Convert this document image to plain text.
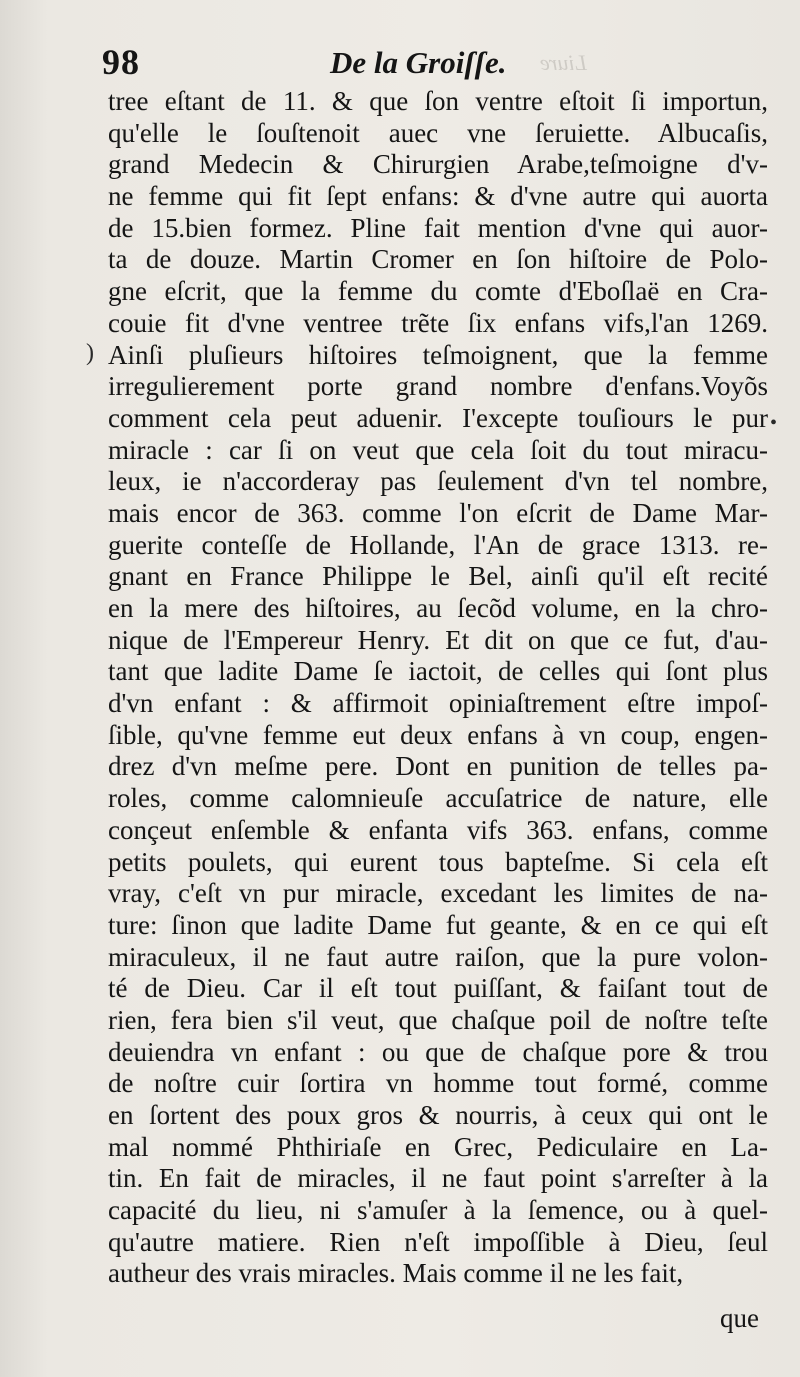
98	De la Groiſſe. Liure
tree eſtant de 11. & que ſon ventre eſtoit ſi importun,
qu'elle le ſouſtenoit auec vne ſeruiette. Albucaſis,
grand Medecin & Chirurgien Arabe,teſmoigne d'v-
ne femme qui fit ſept enfans: & d'vne autre qui auorta
de 15.bien formez. Pline fait mention d'vne qui auor-
ta de douze. Martin Cromer en ſon hiſtoire de Polo-
gne eſcrit, que la femme du comte d'Eboſlaë en Cra-
couie fit d'vne ventree trẽte ſix enfans vifs,l'an 1269.
Ainſi pluſieurs hiſtoires teſmoignent, que la femme
irregulierement porte grand nombre d'enfans.Voyõs
comment cela peut aduenir. I'excepte touſiours le pur
miracle : car ſi on veut que cela ſoit du tout miracu-
leux, ie n'accorderay pas ſeulement d'vn tel nombre,
mais encor de 363. comme l'on eſcrit de Dame Mar-
guerite conteſſe de Hollande, l'An de grace 1313. re-
gnant en France Philippe le Bel, ainſi qu'il eſt recité
en la mere des hiſtoires, au ſecõd volume, en la chro-
nique de l'Empereur Henry. Et dit on que ce fut, d'au-
tant que ladite Dame ſe iactoit, de celles qui ſont plus
d'vn enfant : & affirmoit opiniaſtrement eſtre impoſ-
ſible, qu'vne femme eut deux enfans à vn coup, engen-
drez d'vn meſme pere. Dont en punition de telles pa-
roles, comme calomnieuſe accuſatrice de nature, elle
conçeut enſemble & enfanta vifs 363. enfans, comme
petits poulets, qui eurent tous bapteſme. Si cela eſt
vray, c'eſt vn pur miracle, excedant les limites de na-
ture: ſinon que ladite Dame fut geante, & en ce qui eſt
miraculeux, il ne faut autre raiſon, que la pure volon-
té de Dieu. Car il eſt tout puiſſant, & faiſant tout de
rien, fera bien s'il veut, que chaſque poil de noſtre teſte
deuiendra vn enfant : ou que de chaſque pore & trou
de noſtre cuir ſortira vn homme tout formé, comme
en ſortent des poux gros & nourris, à ceux qui ont le
mal nommé Phthiriaſe en Grec, Pediculaire en La-
tin. En fait de miracles, il ne faut point s'arreſter à la
capacité du lieu, ni s'amuſer à la ſemence, ou à quel-
qu'autre matiere. Rien n'eſt impoſſible à Dieu, ſeul
autheur des vrais miracles. Mais comme il ne les fait,
que
)
•
